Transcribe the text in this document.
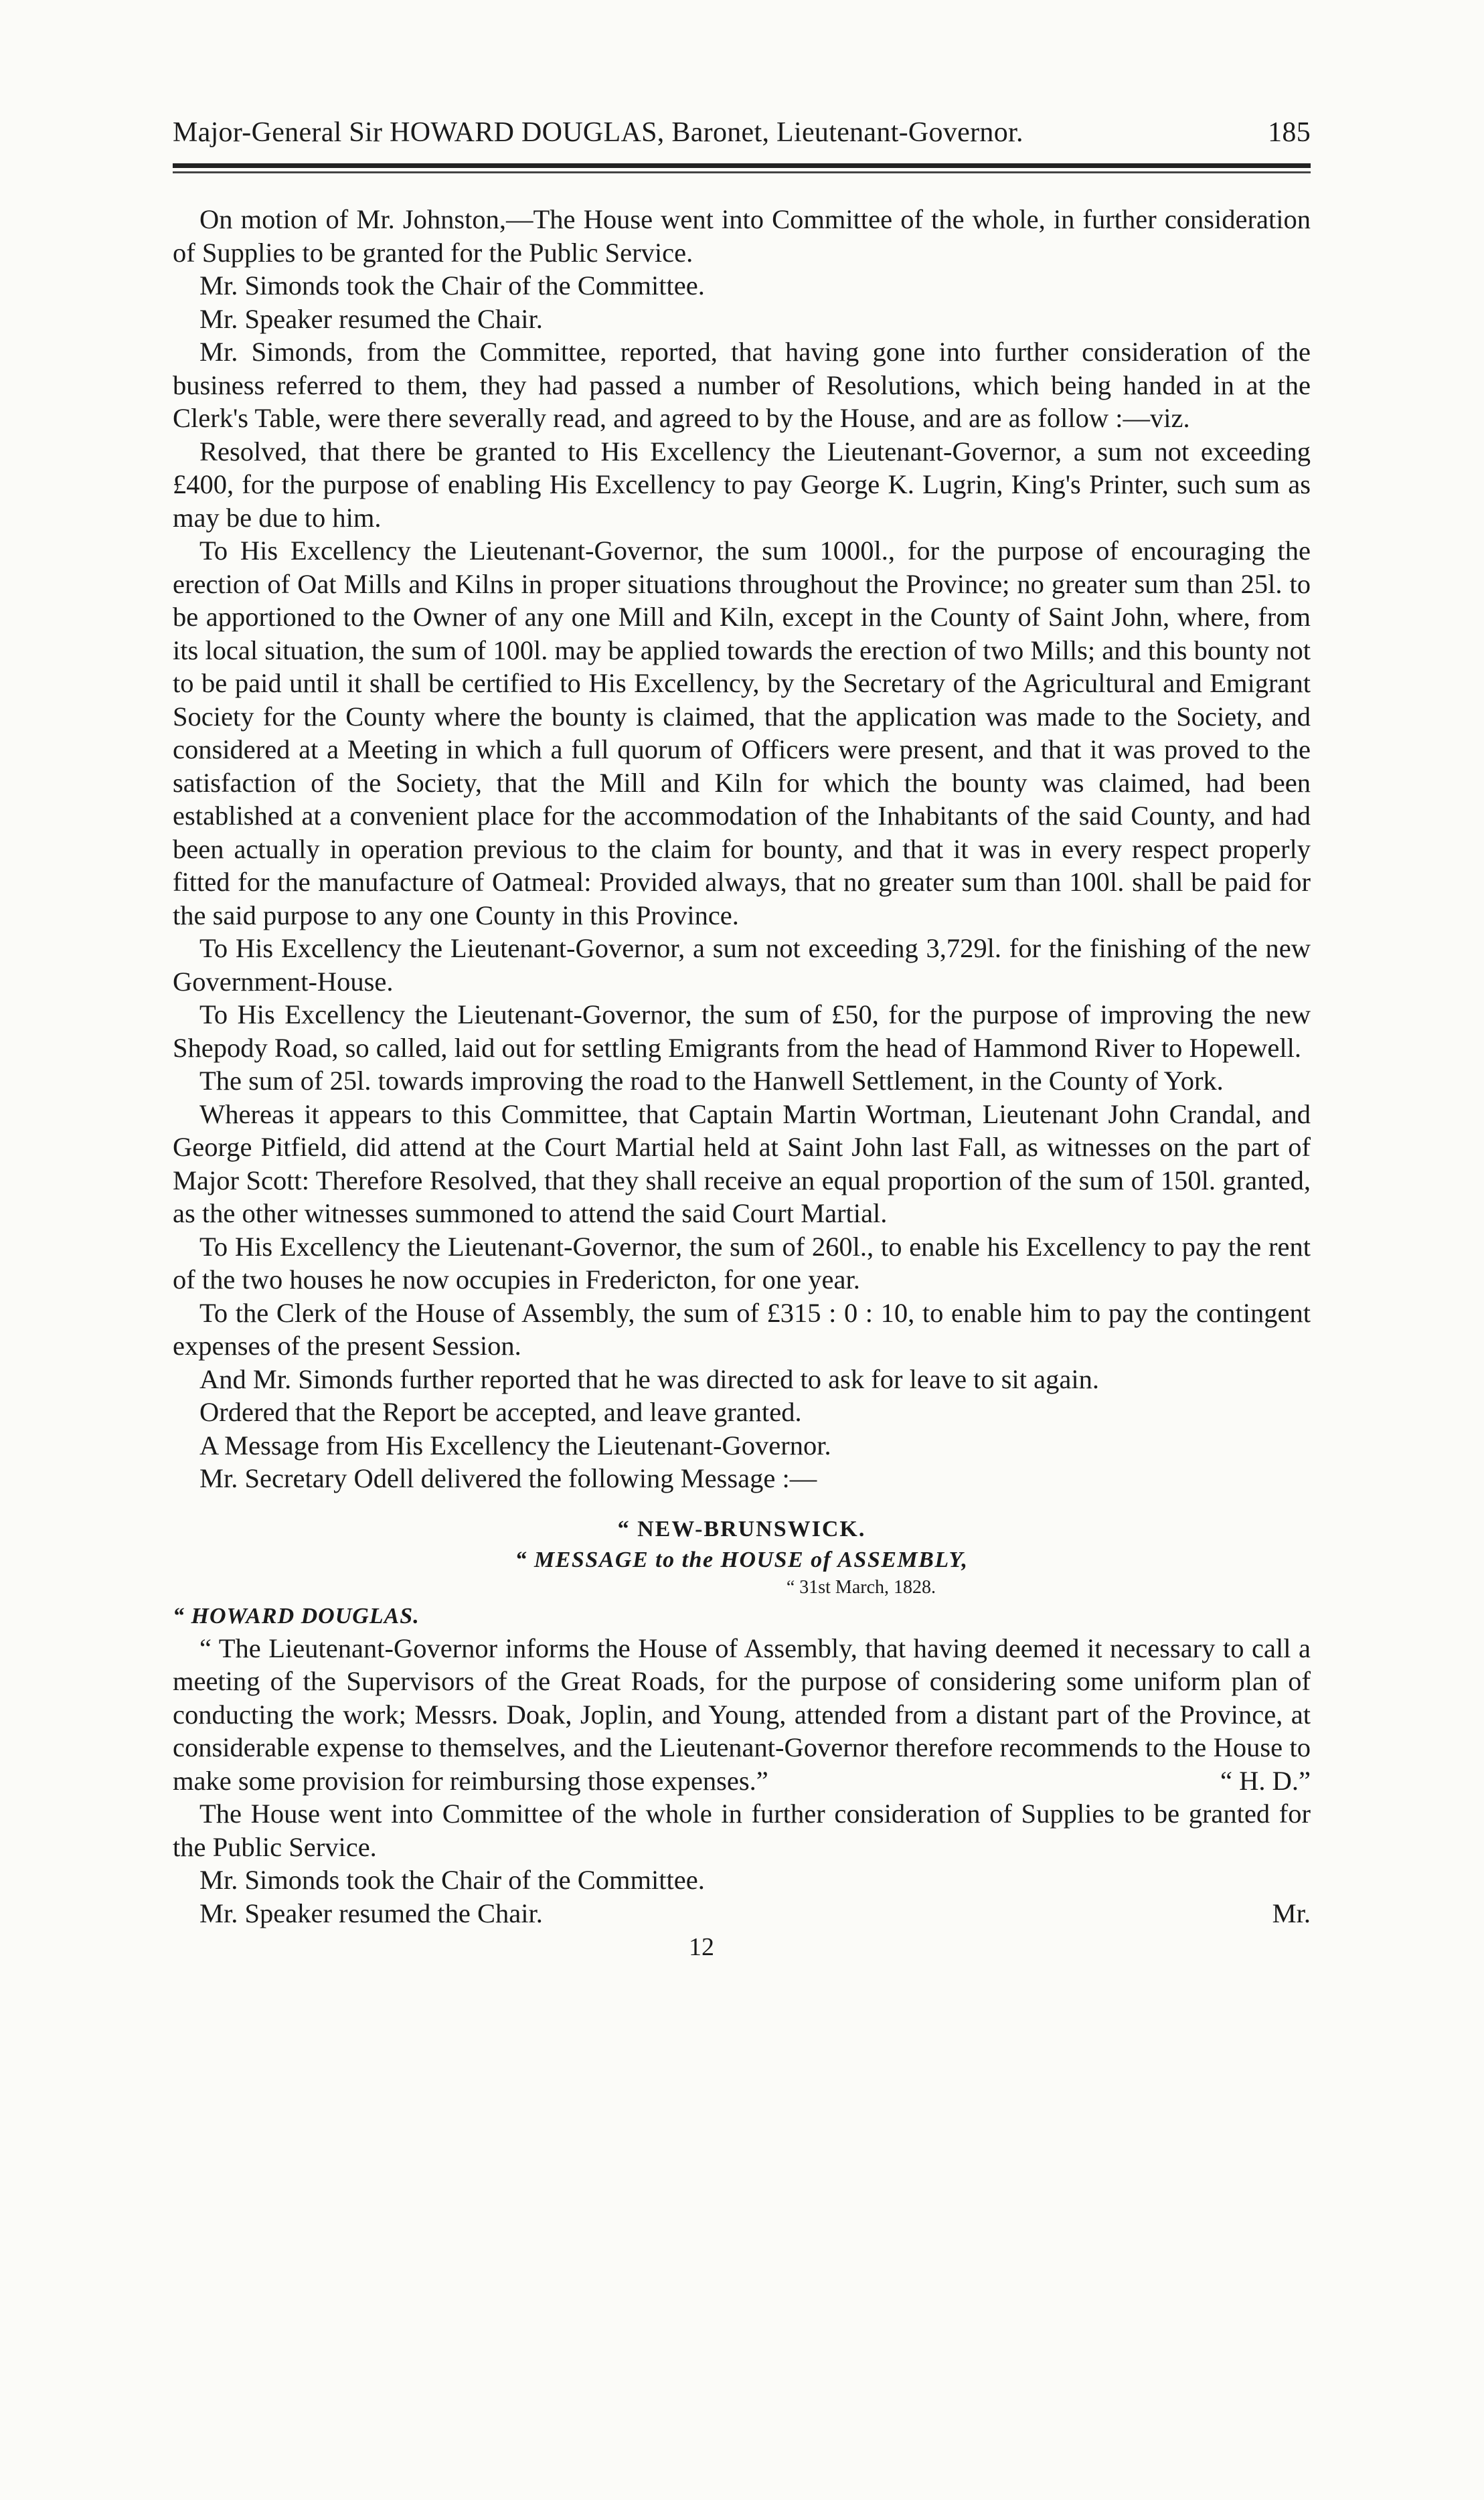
Major-General Sir HOWARD DOUGLAS, Baronet, Lieutenant-Governor.	185

On motion of Mr. Johnston,—The House went into Committee of the whole, in further consideration of Supplies to be granted for the Public Service.

Mr. Simonds took the Chair of the Committee.

Mr. Speaker resumed the Chair.

Mr. Simonds, from the Committee, reported, that having gone into further consideration of the business referred to them, they had passed a number of Resolutions, which being handed in at the Clerk's Table, were there severally read, and agreed to by the House, and are as follow :—viz.

Resolved, that there be granted to His Excellency the Lieutenant-Governor, a sum not exceeding £400, for the purpose of enabling His Excellency to pay George K. Lugrin, King's Printer, such sum as may be due to him.

To His Excellency the Lieutenant-Governor, the sum 1000l., for the purpose of encouraging the erection of Oat Mills and Kilns in proper situations throughout the Province; no greater sum than 25l. to be apportioned to the Owner of any one Mill and Kiln, except in the County of Saint John, where, from its local situation, the sum of 100l. may be applied towards the erection of two Mills; and this bounty not to be paid until it shall be certified to His Excellency, by the Secretary of the Agricultural and Emigrant Society for the County where the bounty is claimed, that the application was made to the Society, and considered at a Meeting in which a full quorum of Officers were present, and that it was proved to the satisfaction of the Society, that the Mill and Kiln for which the bounty was claimed, had been established at a convenient place for the accommodation of the Inhabitants of the said County, and had been actually in operation previous to the claim for bounty, and that it was in every respect properly fitted for the manufacture of Oatmeal: Provided always, that no greater sum than 100l. shall be paid for the said purpose to any one County in this Province.

To His Excellency the Lieutenant-Governor, a sum not exceeding 3,729l. for the finishing of the new Government-House.

To His Excellency the Lieutenant-Governor, the sum of £50, for the purpose of improving the new Shepody Road, so called, laid out for settling Emigrants from the head of Hammond River to Hopewell.

The sum of 25l. towards improving the road to the Hanwell Settlement, in the County of York.

Whereas it appears to this Committee, that Captain Martin Wortman, Lieutenant John Crandal, and George Pitfield, did attend at the Court Martial held at Saint John last Fall, as witnesses on the part of Major Scott: Therefore Resolved, that they shall receive an equal proportion of the sum of 150l. granted, as the other witnesses summoned to attend the said Court Martial.

To His Excellency the Lieutenant-Governor, the sum of 260l., to enable his Excellency to pay the rent of the two houses he now occupies in Fredericton, for one year.

To the Clerk of the House of Assembly, the sum of £315 : 0 : 10, to enable him to pay the contingent expenses of the present Session.

And Mr. Simonds further reported that he was directed to ask for leave to sit again.

Ordered that the Report be accepted, and leave granted.

A Message from His Excellency the Lieutenant-Governor.

Mr. Secretary Odell delivered the following Message :—

“ NEW-BRUNSWICK.

“ MESSAGE to the HOUSE of ASSEMBLY,

“ 31st March, 1828.

“ HOWARD DOUGLAS.

“ The Lieutenant-Governor informs the House of Assembly, that having deemed it necessary to call a meeting of the Supervisors of the Great Roads, for the purpose of considering some uniform plan of conducting the work; Messrs. Doak, Joplin, and Young, attended from a distant part of the Province, at considerable expense to themselves, and the Lieutenant-Governor therefore recommends to the House to make some provision for reimbursing those expenses.”	“ H. D.”

The House went into Committee of the whole in further consideration of Supplies to be granted for the Public Service.

Mr. Simonds took the Chair of the Committee.

Mr. Speaker resumed the Chair.	Mr.
12
